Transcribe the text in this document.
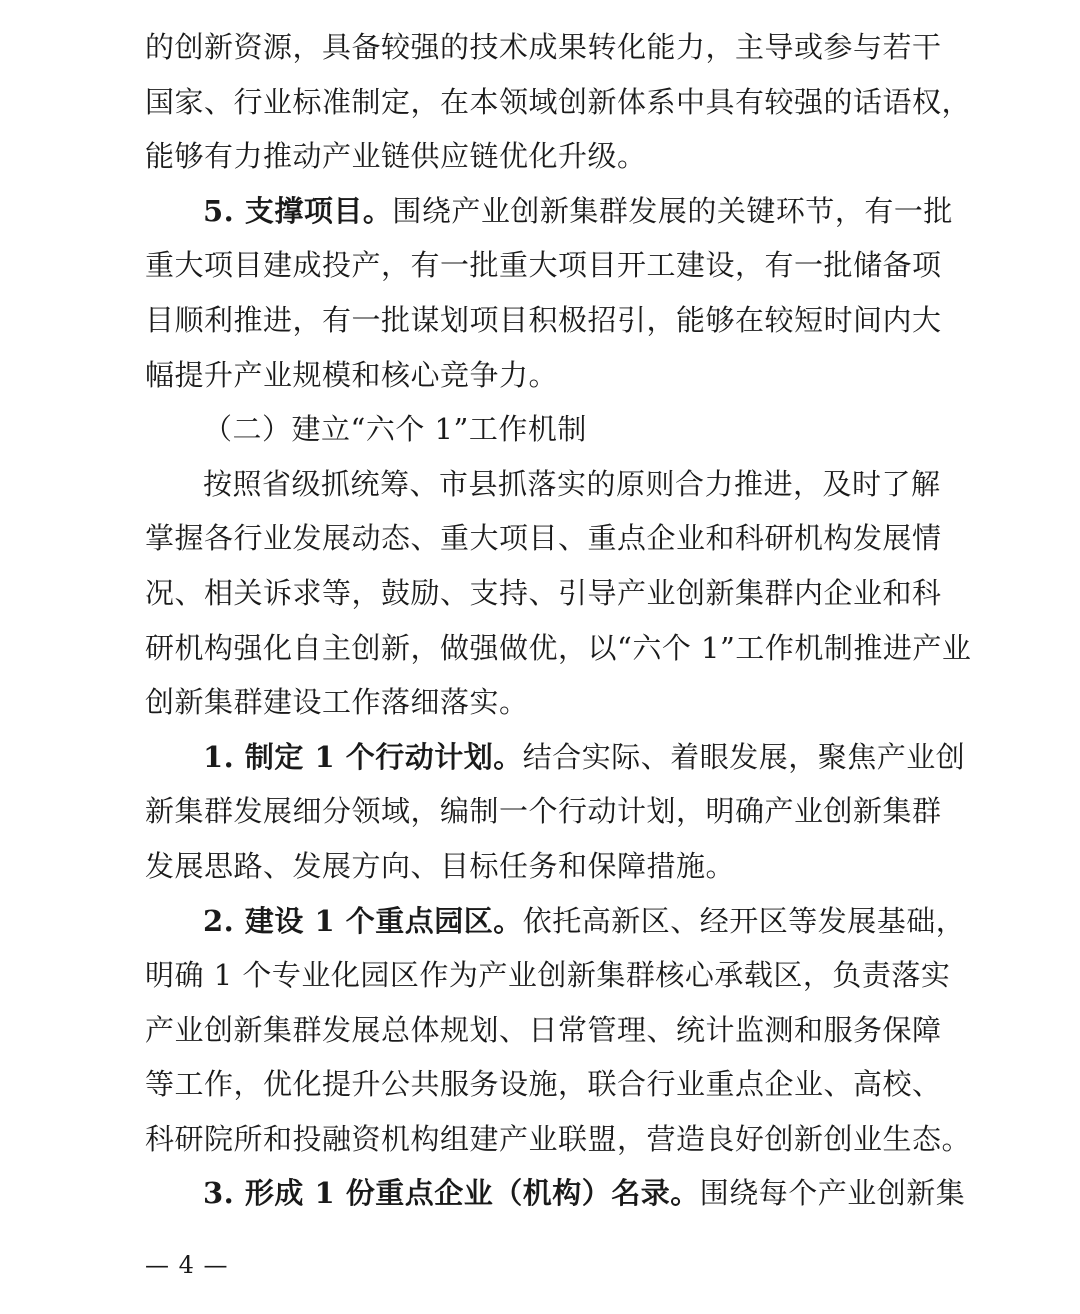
的创新资源，具备较强的技术成果转化能力，主导或参与若干
国家、行业标准制定，在本领域创新体系中具有较强的话语权，
能够有力推动产业链供应链优化升级。
5. 支撑项目。围绕产业创新集群发展的关键环节，有一批
重大项目建成投产，有一批重大项目开工建设，有一批储备项
目顺利推进，有一批谋划项目积极招引，能够在较短时间内大
幅提升产业规模和核心竞争力。
（二）建立“六个 1”工作机制
按照省级抓统筹、市县抓落实的原则合力推进，及时了解
掌握各行业发展动态、重大项目、重点企业和科研机构发展情
况、相关诉求等，鼓励、支持、引导产业创新集群内企业和科
研机构强化自主创新，做强做优，以“六个 1”工作机制推进产业
创新集群建设工作落细落实。
1. 制定 1 个行动计划。结合实际、着眼发展，聚焦产业创
新集群发展细分领域，编制一个行动计划，明确产业创新集群
发展思路、发展方向、目标任务和保障措施。
2. 建设 1 个重点园区。依托高新区、经开区等发展基础，
明确 1 个专业化园区作为产业创新集群核心承载区，负责落实
产业创新集群发展总体规划、日常管理、统计监测和服务保障
等工作，优化提升公共服务设施，联合行业重点企业、高校、
科研院所和投融资机构组建产业联盟，营造良好创新创业生态。
3. 形成 1 份重点企业（机构）名录。围绕每个产业创新集
— 4 —
